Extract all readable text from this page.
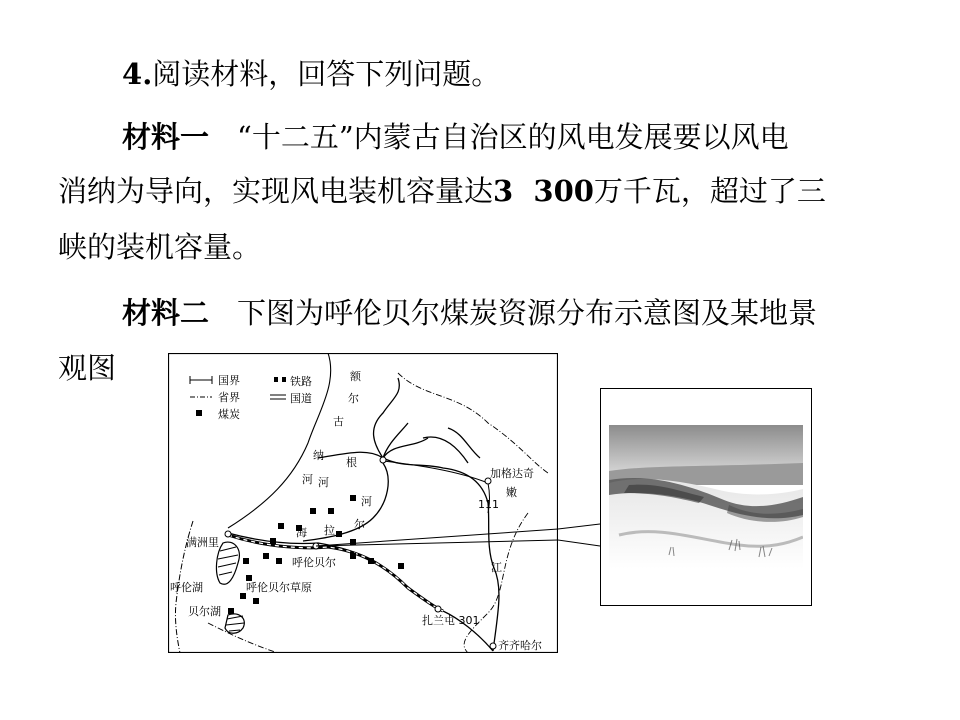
4.阅读材料，回答下列问题。
材料一 “十二五”内蒙古自治区的风电发展要以风电
消纳为导向，实现风电装机容量达3  300万千瓦，超过了三
峡的装机容量。
材料二 下图为呼伦贝尔煤炭资源分布示意图及某地景
观图	国界
省界
煤炭
铁路
国道
额
尔
古
纳
根
河 河
海 拉 尔
河
加格达奇
嫩
111
满洲里
呼伦贝尔
呼伦湖	呼伦贝尔草原
贝尔湖
江
扎兰屯 301
齐齐哈尔
